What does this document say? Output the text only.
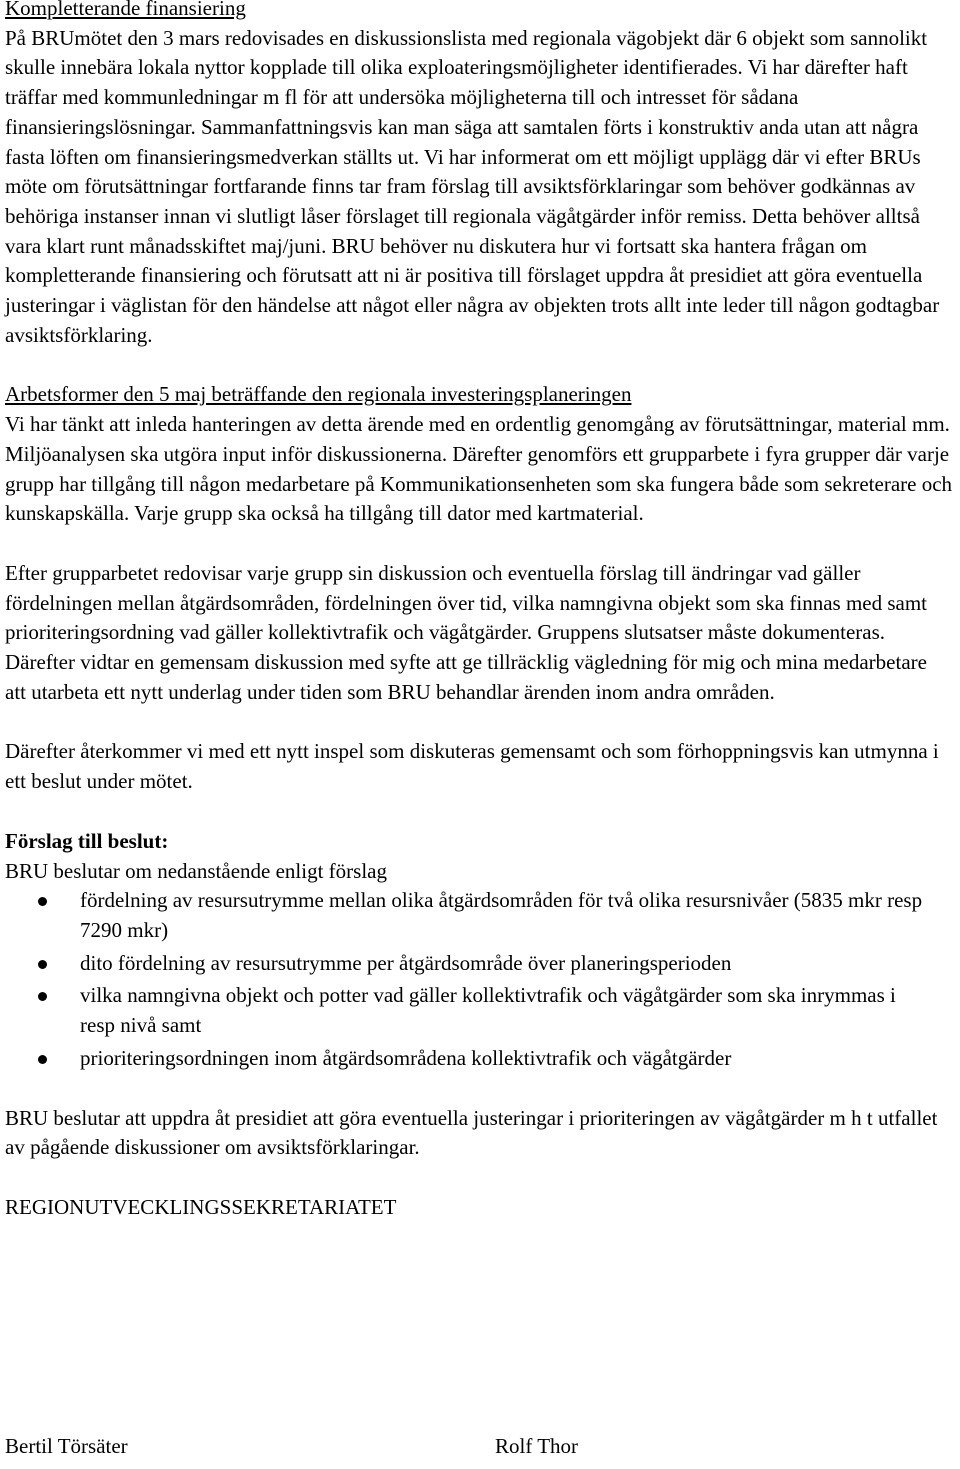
Kompletterande finansiering

På BRUmötet den 3 mars redovisades en diskussionslista med regionala vägobjekt där 6 objekt som sannolikt skulle innebära lokala nyttor kopplade till olika exploateringsmöjligheter identifierades. Vi har därefter haft träffar med kommunledningar m fl för att undersöka möjligheterna till och intresset för sådana finansieringslösningar. Sammanfattningsvis kan man säga att samtalen förts i konstruktiv anda utan att några fasta löften om finansieringsmedverkan ställts ut. Vi har informerat om ett möjligt upplägg där vi efter BRUs möte om förutsättningar fortfarande finns tar fram förslag till avsiktsförklaringar som behöver godkännas av behöriga instanser innan vi slutligt låser förslaget till regionala vägåtgärder inför remiss. Detta behöver alltså vara klart runt månadsskiftet maj/juni. BRU behöver nu diskutera hur vi fortsatt ska hantera frågan om kompletterande finansiering och förutsatt att ni är positiva till förslaget uppdra åt presidiet att göra eventuella justeringar i väglistan för den händelse att något eller några av objekten trots allt inte leder till någon godtagbar avsiktsförklaring.

Arbetsformer den 5 maj beträffande den regionala investeringsplaneringen

Vi har tänkt att inleda hanteringen av detta ärende med en ordentlig genomgång av förutsättningar, material mm. Miljöanalysen ska utgöra input inför diskussionerna. Därefter genomförs ett grupparbete i fyra grupper där varje grupp har tillgång till någon medarbetare på Kommunikationsenheten som ska fungera både som sekreterare och kunskapskälla. Varje grupp ska också ha tillgång till dator med kartmaterial.

Efter grupparbetet redovisar varje grupp sin diskussion och eventuella förslag till ändringar vad gäller fördelningen mellan åtgärdsområden, fördelningen över tid, vilka namngivna objekt som ska finnas med samt prioriteringsordning vad gäller kollektivtrafik och vägåtgärder. Gruppens slutsatser måste dokumenteras. Därefter vidtar en gemensam diskussion med syfte att ge tillräcklig vägledning för mig och mina medarbetare att utarbeta ett nytt underlag under tiden som BRU behandlar ärenden inom andra områden.

Därefter återkommer vi med ett nytt inspel som diskuteras gemensamt och som förhoppningsvis kan utmynna i ett beslut under mötet.

Förslag till beslut:

BRU beslutar om nedanstående enligt förslag

fördelning av resursutrymme mellan olika åtgärdsområden för två olika resursnivåer (5835 mkr resp 7290 mkr)
dito fördelning av resursutrymme per åtgärdsområde över planeringsperioden
vilka namngivna objekt och potter vad gäller kollektivtrafik och vägåtgärder som ska inrymmas i resp nivå samt
prioriteringsordningen inom åtgärdsområdena kollektivtrafik och vägåtgärder

BRU beslutar att uppdra åt presidiet att göra eventuella justeringar i prioriteringen av vägåtgärder m h t utfallet av pågående diskussioner om avsiktsförklaringar.

REGIONUTVECKLINGSSEKRETARIATET

Bertil Törsäter	Rolf Thor
